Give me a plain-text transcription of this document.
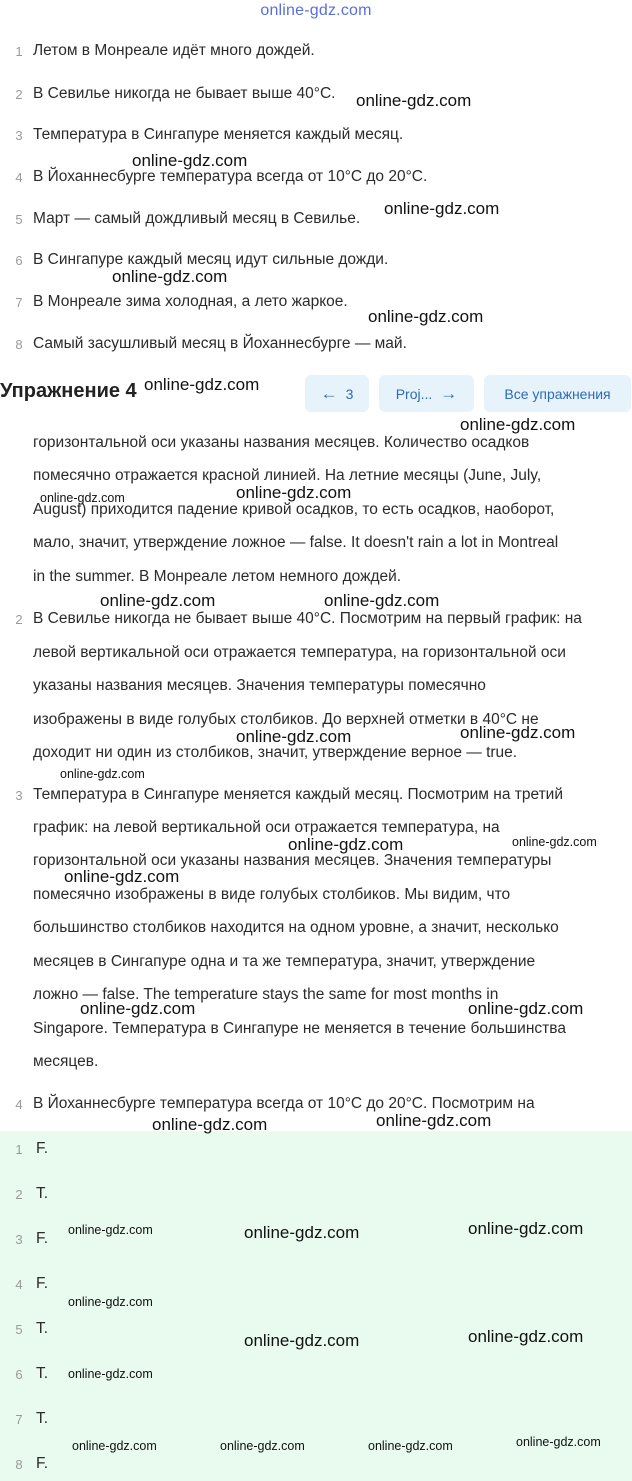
online-gdz.com
1 Летом в Монреале идёт много дождей.
2 В Севилье никогда не бывает выше 40°C.
3 Температура в Сингапуре меняется каждый месяц.
4 В Йоханнесбурге температура всегда от 10°С до 20°С.
5 Март — самый дождливый месяц в Севилье.
6 В Сингапуре каждый месяц идут сильные дожди.
7 В Монреале зима холодная, а лето жаркое.
8 Самый засушливый месяц в Йоханнесбурге — май.
Упражнение 4	← 3	Proj... →	Все упражнения
горизонтальной оси указаны названия месяцев. Количество осадков
помесячно отражается красной линией. На летние месяцы (June, July,
August) приходится падение кривой осадков, то есть осадков, наоборот,
мало, значит, утверждение ложное — false. It doesn't rain a lot in Montreal
in the summer. В Монреале летом немного дождей.
2 В Севилье никогда не бывает выше 40°С. Посмотрим на первый график: на
левой вертикальной оси отражается температура, на горизонтальной оси
указаны названия месяцев. Значения температуры помесячно
изображены в виде голубых столбиков. До верхней отметки в 40°С не
доходит ни один из столбиков, значит, утверждение верное — true.
3 Температура в Сингапуре меняется каждый месяц. Посмотрим на третий
график: на левой вертикальной оси отражается температура, на
горизонтальной оси указаны названия месяцев. Значения температуры
помесячно изображены в виде голубых столбиков. Мы видим, что
большинство столбиков находится на одном уровне, а значит, несколько
месяцев в Сингапуре одна и та же температура, значит, утверждение
ложно — false. The temperature stays the same for most months in
Singapore. Температура в Сингапуре не меняется в течение большинства
месяцев.
4 В Йоханнесбурге температура всегда от 10°С до 20°С. Посмотрим на
1 F.
2 T.
3 F.
4 F.
5 T.
6 T.
7 T.
8 F.
online-gdz.com
online-gdz.com
online-gdz.com
online-gdz.com
online-gdz.com
online-gdz.com
online-gdz.com
online-gdz.com	online-gdz.com
online-gdz.com	online-gdz.com
online-gdz.com	online-gdz.com
online-gdz.com
online-gdz.com	online-gdz.com
online-gdz.com
online-gdz.com	online-gdz.com
online-gdz.com	online-gdz.com
online-gdz.com	online-gdz.com	online-gdz.com
online-gdz.com
online-gdz.com	online-gdz.com
online-gdz.com
online-gdz.com	online-gdz.com	online-gdz.com	online-gdz.com
